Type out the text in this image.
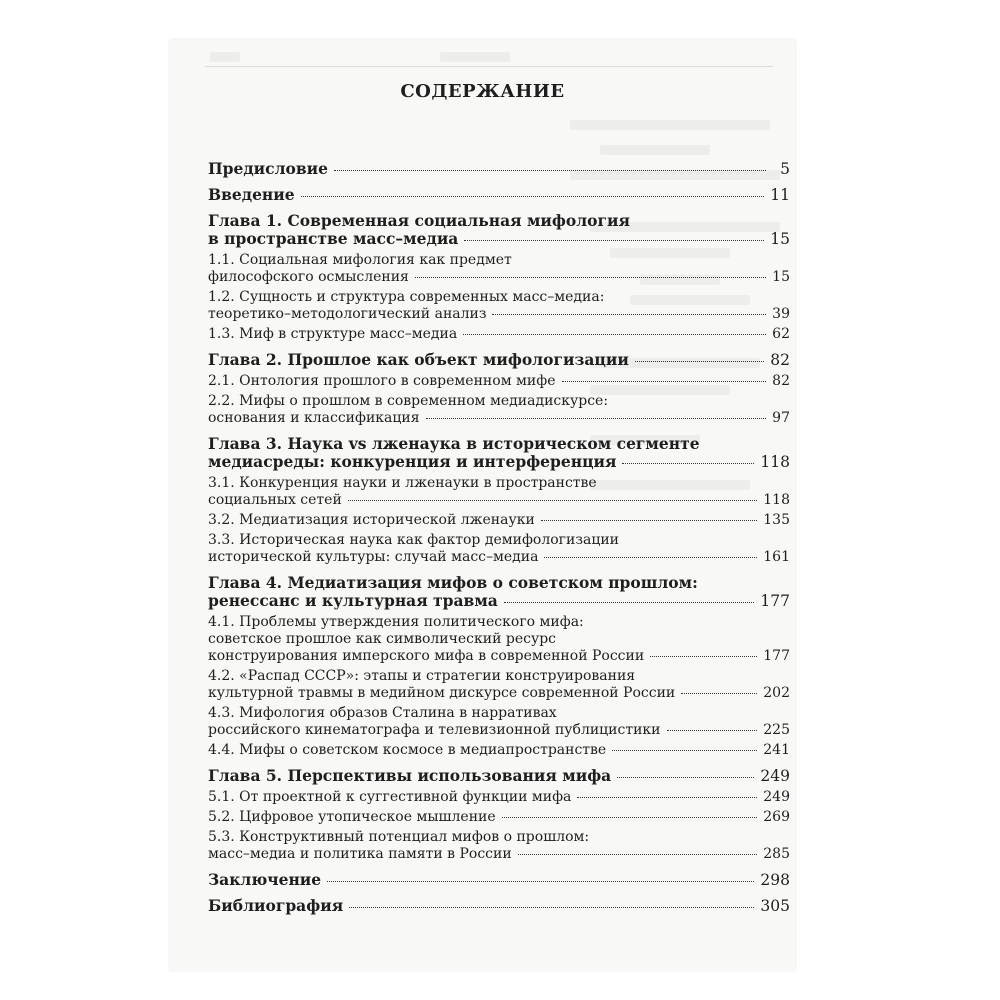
СОДЕРЖАНИЕ
Предисловие	5
Введение	11
Глава 1. Современная социальная мифология
в пространстве масс–медиа	15
1.1. Социальная мифология как предмет
философского осмысления	15
1.2. Сущность и структура современных масс–медиа:
теоретико–методологический анализ	39
1.3. Миф в структуре масс–медиа	62
Глава 2. Прошлое как объект мифологизации	82
2.1. Онтология прошлого в современном мифе	82
2.2. Мифы о прошлом в современном медиадискурсе:
основания и классификация	97
Глава 3. Наука vs лженаука в историческом сегменте
медиасреды: конкуренция и интерференция	118
3.1. Конкуренция науки и лженауки в пространстве
социальных сетей	118
3.2. Медиатизация исторической лженауки	135
3.3. Историческая наука как фактор демифологизации
исторической культуры: случай масс–медиа	161
Глава 4. Медиатизация мифов о советском прошлом:
ренессанс и культурная травма	177
4.1. Проблемы утверждения политического мифа:
советское прошлое как символический ресурс
конструирования имперского мифа в современной России	177
4.2. «Распад СССР»: этапы и стратегии конструирования
культурной травмы в медийном дискурсе современной России	202
4.3. Мифология образов Сталина в нарративах
российского кинематографа и телевизионной публицистики	225
4.4. Мифы о советском космосе в медиапространстве	241
Глава 5. Перспективы использования мифа	249
5.1. От проектной к суггестивной функции мифа	249
5.2. Цифровое утопическое мышление	269
5.3. Конструктивный потенциал мифов о прошлом:
масс–медиа и политика памяти в России	285
Заключение	298
Библиография	305
